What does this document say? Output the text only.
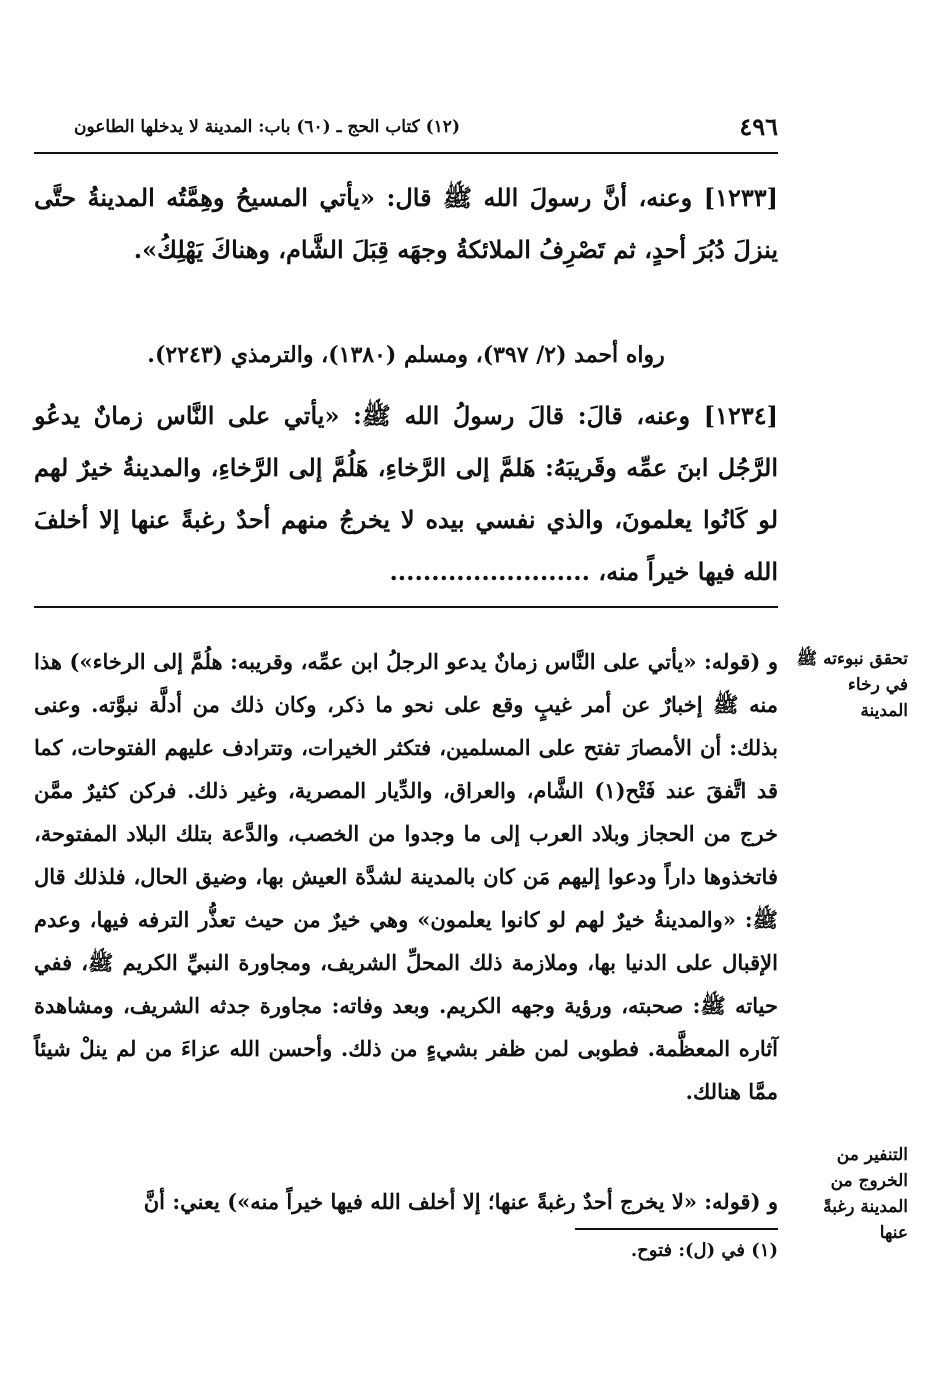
٤٩٦
(١٢) كتاب الحج ـ (٦٠) باب: المدينة لا يدخلها الطاعون
[١٢٣٣] وعنه، أنَّ رسولَ الله ﷺ قال: «يأتي المسيحُ وهِمَّتُه المدينةُ حتَّى ينزلَ دُبُرَ أحدٍ، ثم تَصْرِفُ الملائكةُ وجهَه قِبَلَ الشَّام، وهناكَ يَهْلِكُ».
رواه أحمد (٢/ ٣٩٧)، ومسلم (١٣٨٠)، والترمذي (٢٢٤٣).
[١٢٣٤] وعنه، قالَ: قالَ رسولُ الله ﷺ: «يأتي على النَّاس زمانٌ يدعُو الرَّجُل ابنَ عمِّه وقَريبَهُ: هَلمَّ إلى الرَّخاءِ، هَلُمَّ إلى الرَّخاءِ، والمدينةُ خيرٌ لهم لو كَانُوا يعلمونَ، والذي نفسي بيده لا يخرجُ منهم أحدٌ رغبةً عنها إلا أخلفَ الله فيها خيراً منه، ........................
تحقق نبوءته ﷺ في رخاء المدينة
و (قوله: «يأتي على النَّاس زمانٌ يدعو الرجلُ ابن عمِّه، وقريبه: هلُمَّ إلى الرخاء») هذا منه ﷺ إخبارٌ عن أمر غيبٍ وقع على نحو ما ذكر، وكان ذلك من أدلَّة نبوَّته. وعنى بذلك: أن الأمصارَ تفتح على المسلمين، فتكثر الخيرات، وتترادف عليهم الفتوحات، كما قد اتَّفقَ عند فَتْح(١) الشَّام، والعراق، والدِّيار المصرية، وغير ذلك. فركن كثيرٌ ممَّن خرج من الحجاز وبلاد العرب إلى ما وجدوا من الخصب، والدَّعة بتلك البلاد المفتوحة، فاتخذوها داراً ودعوا إليهم مَن كان بالمدينة لشدَّة العيش بها، وضيق الحال، فلذلك قال ﷺ: «والمدينةُ خيرٌ لهم لو كانوا يعلمون» وهي خيرٌ من حيث تعذُّر الترفه فيها، وعدم الإقبال على الدنيا بها، وملازمة ذلك المحلِّ الشريف، ومجاورة النبيِّ الكريم ﷺ، ففي حياته ﷺ: صحبته، ورؤية وجهه الكريم. وبعد وفاته: مجاورة جدثه الشريف، ومشاهدة آثاره المعظَّمة. فطوبى لمن ظفر بشيءٍ من ذلك. وأحسن الله عزاءَ من لم ينلْ شيئاً ممَّا هنالك.
التنفير من الخروج من المدينة رغبةً عنها
و (قوله: «لا يخرج أحدٌ رغبةً عنها؛ إلا أخلف الله فيها خيراً منه») يعني: أنَّ
(١) في (ل): فتوح.
